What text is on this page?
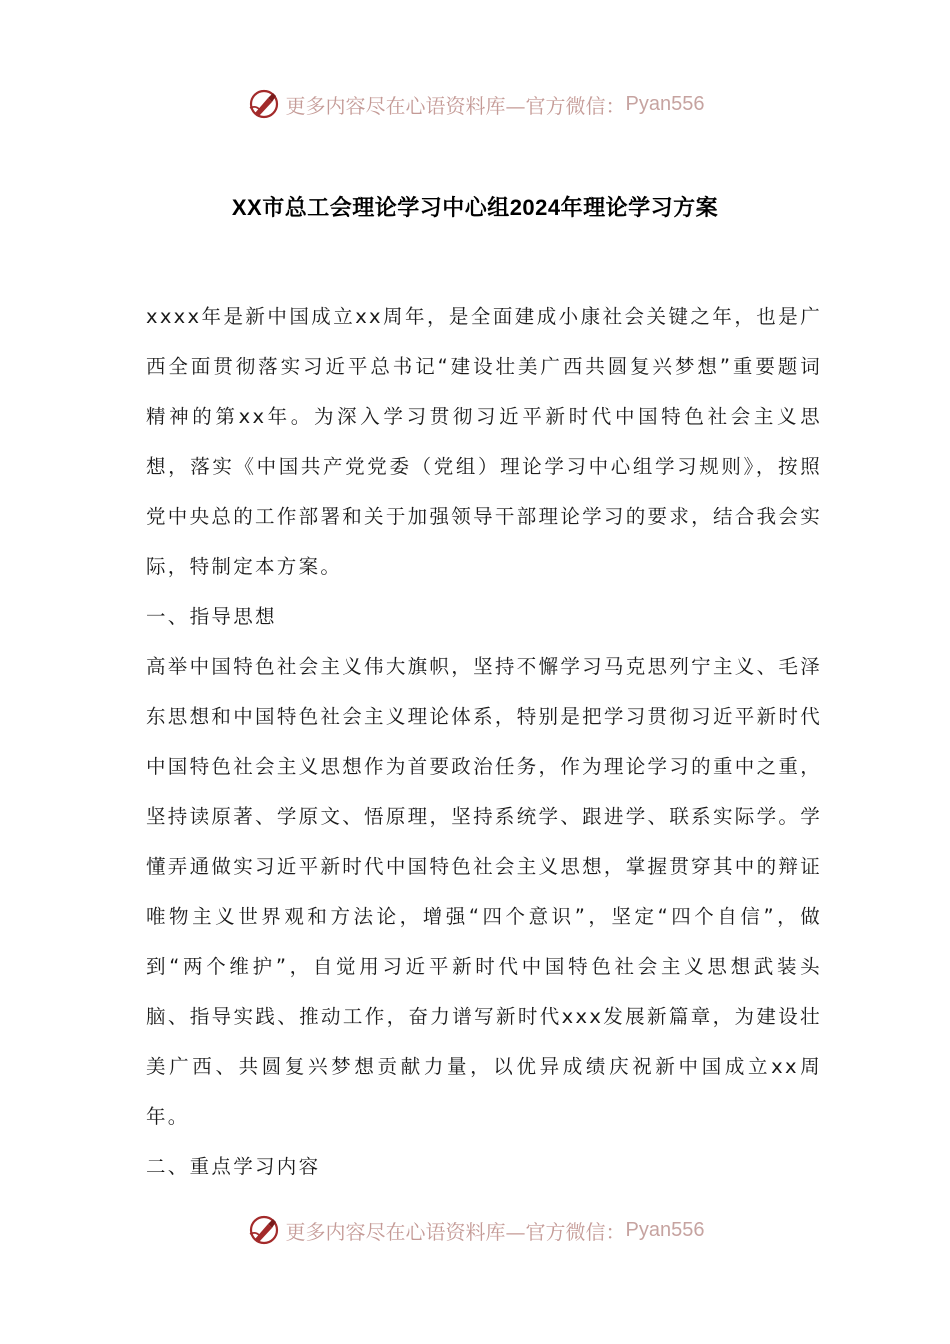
更多内容尽在心语资料库—官方微信： Pyan556
XX市总工会理论学习中心组2024年理论学习方案

xxxx年是新中国成立xx周年，是全面建成小康社会关键之年，也是广西全面贯彻落实习近平总书记“建设壮美广西共圆复兴梦想”重要题词精神的第xx年。为深入学习贯彻习近平新时代中国特色社会主义思想，落实《中国共产党党委（党组）理论学习中心组学习规则》，按照党中央总的工作部署和关于加强领导干部理论学习的要求，结合我会实际，特制定本方案。

一、指导思想

高举中国特色社会主义伟大旗帜，坚持不懈学习马克思列宁主义、毛泽东思想和中国特色社会主义理论体系，特别是把学习贯彻习近平新时代中国特色社会主义思想作为首要政治任务，作为理论学习的重中之重，坚持读原著、学原文、悟原理，坚持系统学、跟进学、联系实际学。学懂弄通做实习近平新时代中国特色社会主义思想，掌握贯穿其中的辩证唯物主义世界观和方法论，增强“四个意识”，坚定“四个自信”，做到“两个维护”，自觉用习近平新时代中国特色社会主义思想武装头脑、指导实践、推动工作，奋力谱写新时代xxx发展新篇章，为建设壮美广西、共圆复兴梦想贡献力量，以优异成绩庆祝新中国成立xx周年。

二、重点学习内容

更多内容尽在心语资料库—官方微信： Pyan556
